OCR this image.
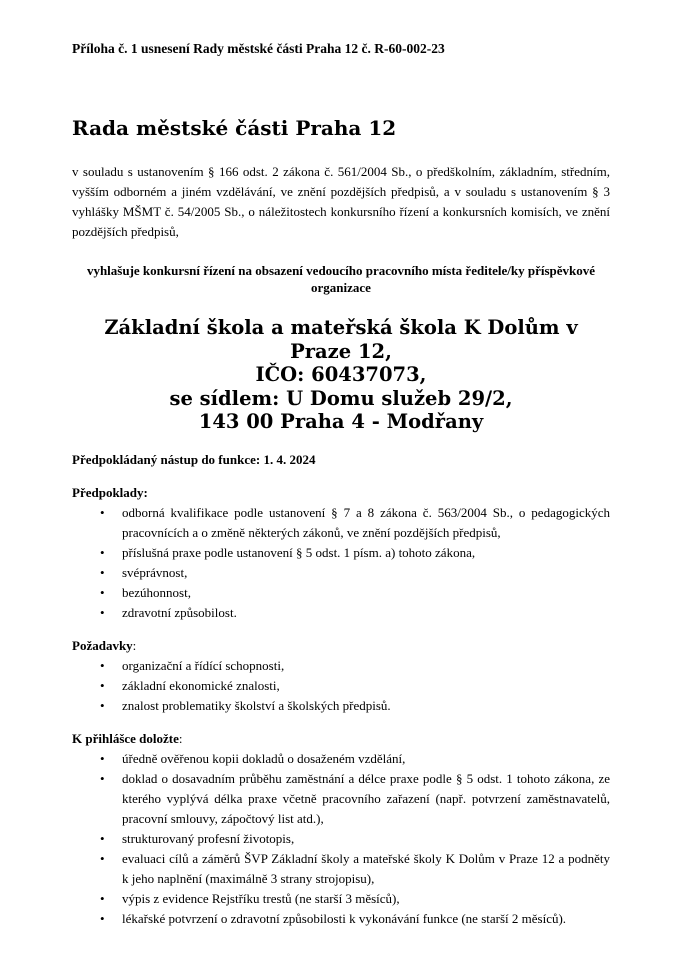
Příloha č. 1 usnesení Rady městské části Praha 12 č. R-60-002-23

Rada městské části Praha 12

v souladu s ustanovením § 166 odst. 2 zákona č. 561/2004 Sb., o předškolním, základním, středním, vyšším odborném a jiném vzdělávání, ve znění pozdějších předpisů, a v souladu s ustanovením § 3 vyhlášky MŠMT č. 54/2005 Sb., o náležitostech konkursního řízení a konkursních komisích, ve znění pozdějších předpisů,

vyhlašuje konkursní řízení na obsazení vedoucího pracovního místa ředitele/ky příspěvkové organizace

Základní škola a mateřská škola K Dolům v Praze 12,
IČO: 60437073,
se sídlem: U Domu služeb 29/2,
143 00 Praha 4 - Modřany

Předpokládaný nástup do funkce: 1. 4. 2024

Předpoklady:

•	odborná kvalifikace podle ustanovení § 7 a 8 zákona č. 563/2004 Sb., o pedagogických pracovnících a o změně některých zákonů, ve znění pozdějších předpisů,
•	příslušná praxe podle ustanovení § 5 odst. 1 písm. a) tohoto zákona,
•	svéprávnost,
•	bezúhonnost,
•	zdravotní způsobilost.

Požadavky:

•	organizační a řídící schopnosti,
•	základní ekonomické znalosti,
•	znalost problematiky školství a školských předpisů.

K přihlášce doložte:

•	úředně ověřenou kopii dokladů o dosaženém vzdělání,
•	doklad o dosavadním průběhu zaměstnání a délce praxe podle § 5 odst. 1 tohoto zákona, ze kterého vyplývá délka praxe včetně pracovního zařazení (např. potvrzení zaměstnavatelů, pracovní smlouvy, zápočtový list atd.),
•	strukturovaný profesní životopis,
•	evaluaci cílů a záměrů ŠVP Základní školy a mateřské školy K Dolům v Praze 12 a podněty k jeho naplnění (maximálně 3 strany strojopisu),
•	výpis z evidence Rejstříku trestů (ne starší 3 měsíců),
•	lékařské potvrzení o zdravotní způsobilosti k vykonávání funkce (ne starší 2 měsíců).
